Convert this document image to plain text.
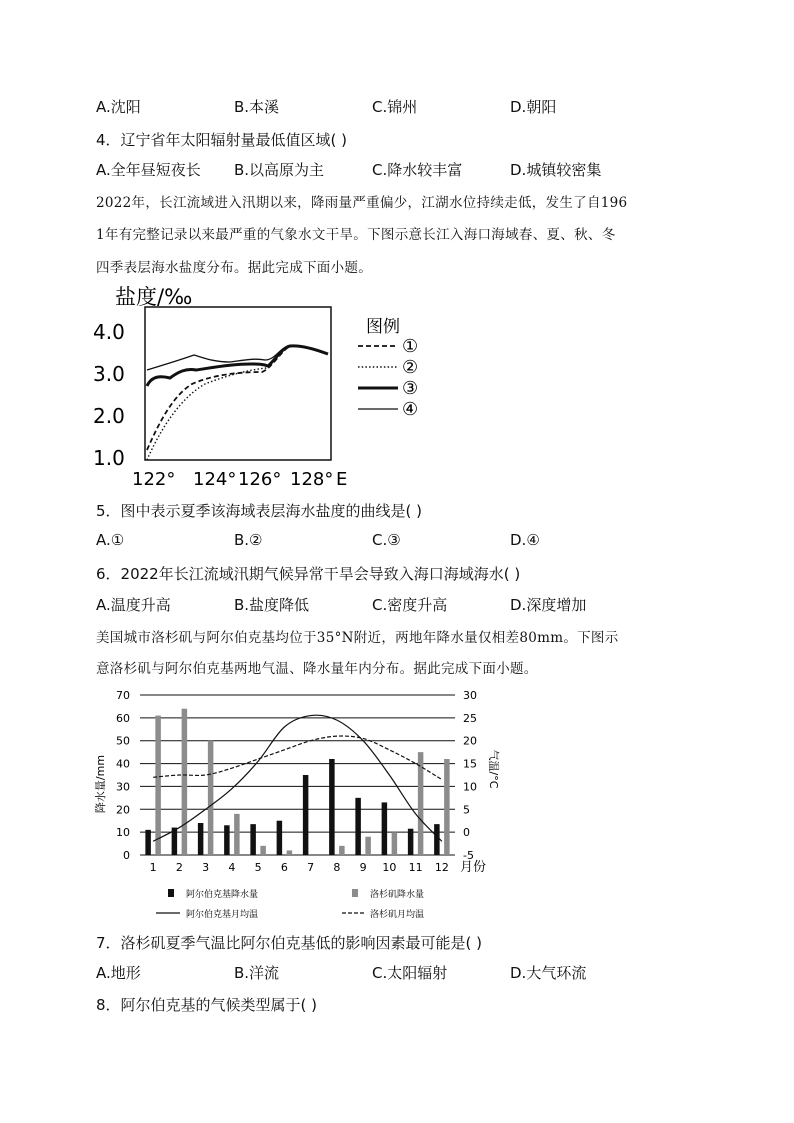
A.沈阳	B.本溪	C.锦州	D.朝阳
4．辽宁省年太阳辐射量最低值区域( )
A.全年昼短夜长 B.以高原为主	C.降水较丰富	D.城镇较密集
2022年，长江流域进入汛期以来，降雨量严重偏少，江湖水位持续走低，发生了自196
1年有完整记录以来最严重的气象水文干旱。下图示意长江入海口海域春、夏、秋、冬
四季表层海水盐度分布。据此完成下面小题。
盐度/‰
4.0
3.0
2.0
1.0
122° 124° 126° 128° E
图例
①
②
③
④
5．图中表示夏季该海域表层海水盐度的曲线是( )
A.①	B.②	C.③	D.④
6．2022年长江流域汛期气候异常干旱会导致入海口海域海水( )
A.温度升高	B.盐度降低	C.密度升高	D.深度增加
美国城市洛杉矶与阿尔伯克基均位于35°N附近，两地年降水量仅相差80mm。下图示
意洛杉矶与阿尔伯克基两地气温、降水量年内分布。据此完成下面小题。
降水量/mm	气温/°C
月份
0
10
20
30
40
50
60
70
-5
0
5
10
15
20
25
30
1 2 3 4 5 6 7 8 9 10 11 12
阿尔伯克基降水量	洛杉矶降水量
阿尔伯克基月均温	洛杉矶月均温
7．洛杉矶夏季气温比阿尔伯克基低的影响因素最可能是( )
A.地形	B.洋流	C.太阳辐射	D.大气环流
8．阿尔伯克基的气候类型属于( )
